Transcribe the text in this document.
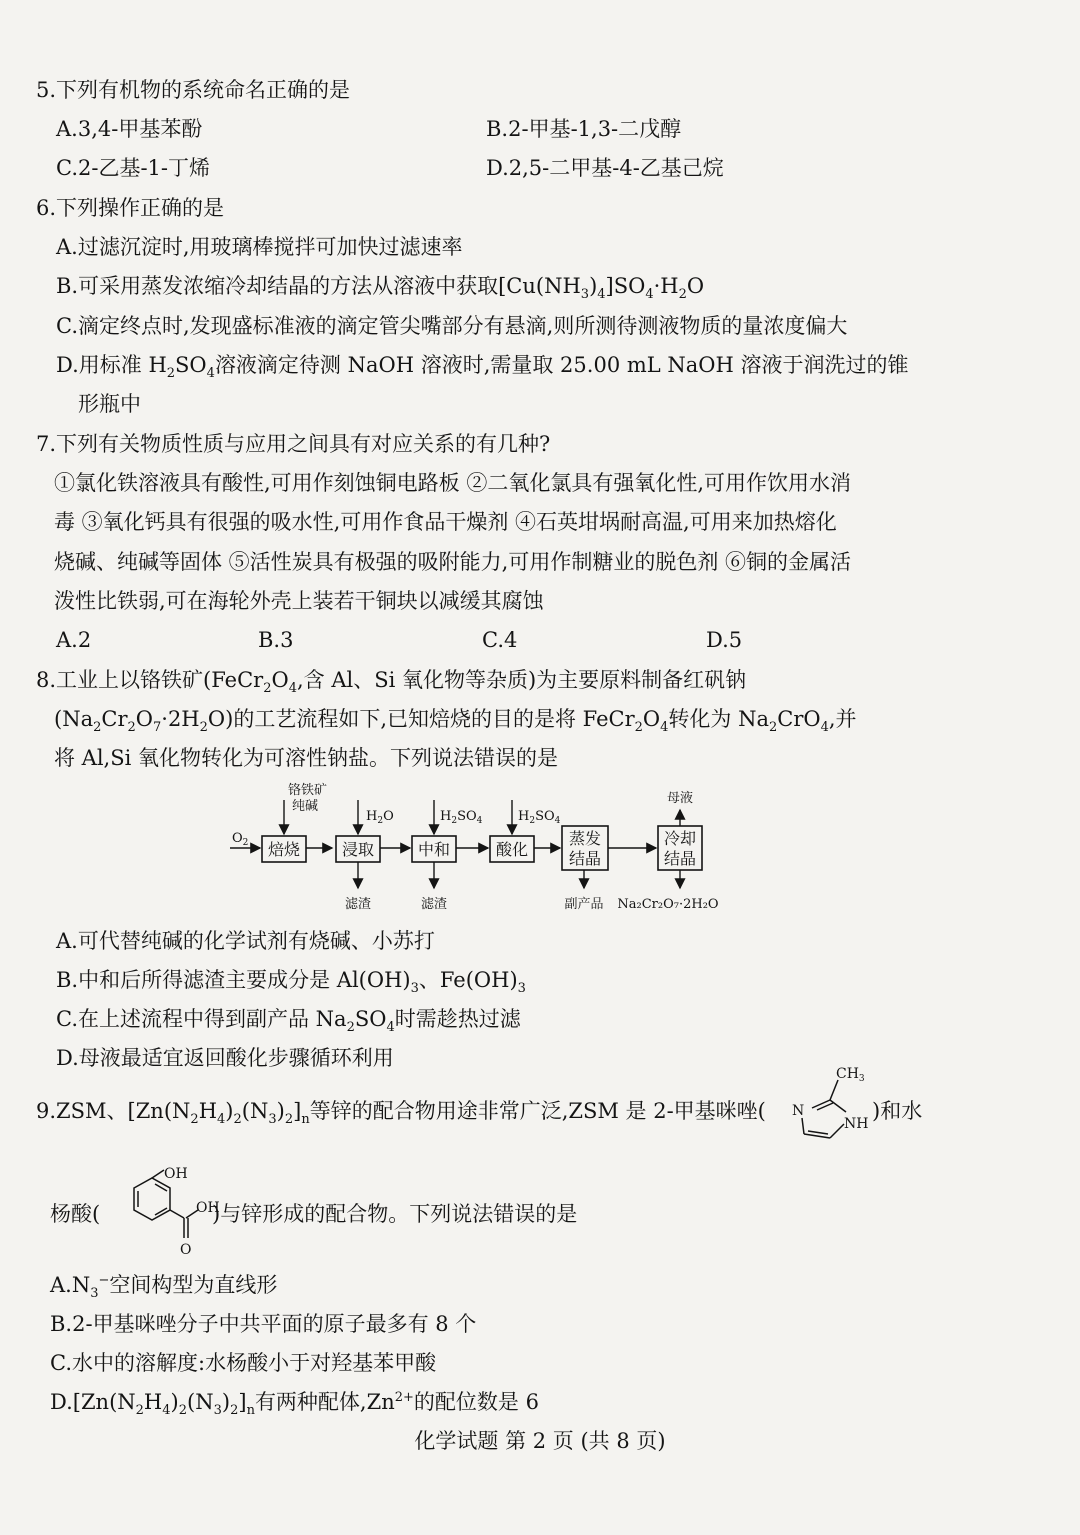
5.下列有机物的系统命名正确的是
A.3,4-甲基苯酚	B.2-甲基-1,3-二戊醇
C.2-乙基-1-丁烯	D.2,5-二甲基-4-乙基己烷
6.下列操作正确的是
A.过滤沉淀时,用玻璃棒搅拌可加快过滤速率
B.可采用蒸发浓缩冷却结晶的方法从溶液中获取$[Cu(NH_3)_4]SO_4\cdot H_2O$
C.滴定终点时,发现盛标准液的滴定管尖嘴部分有悬滴,则所测待测液物质的量浓度偏大
D.用标准 $H_2SO_4$溶液滴定待测 NaOH 溶液时,需量取 25.00 mL NaOH 溶液于润洗过的锥
形瓶中
7.下列有关物质性质与应用之间具有对应关系的有几种?
①氯化铁溶液具有酸性,可用作刻蚀铜电路板 ②二氧化氯具有强氧化性,可用作饮用水消
毒 ③氧化钙具有很强的吸水性,可用作食品干燥剂 ④石英坩埚耐高温,可用来加热熔化
烧碱、纯碱等固体 ⑤活性炭具有极强的吸附能力,可用作制糖业的脱色剂 ⑥铜的金属活
泼性比铁弱,可在海轮外壳上装若干铜块以减缓其腐蚀
A.2	B.3	C.4	D.5
8.工业上以铬铁矿($FeCr_2O_4$,含 Al、Si 氧化物等杂质)为主要原料制备红矾钠
$(Na_2Cr_2O_7\cdot 2H_2O)$的工艺流程如下,已知焙烧的目的是将 $FeCr_2O_4$转化为 $Na_2CrO_4$,并
将 Al,Si 氧化物转化为可溶性钠盐。下列说法错误的是
焙烧	浸取	中和	酸化
蒸发
结晶
冷却
结晶
$O_2$
铬铁矿
纯碱
$H_2O$	$H_2SO_4$	$H_2SO_4$
滤渣	滤渣	副产品
母液
Na₂Cr₂O₇·2H₂O
A.可代替纯碱的化学试剂有烧碱、小苏打
B.中和后所得滤渣主要成分是 $Al(OH)_3$、$Fe(OH)_3$
C.在上述流程中得到副产品 $Na_2SO_4$时需趁热过滤
D.母液最适宜返回酸化步骤循环利用
9.ZSM、$[Zn(N_2H_4)_2(N_3)_2]_n$等锌的配合物用途非常广泛,ZSM 是 2-甲基咪唑(	)和水
$CH_3$
N
NH
杨酸(
OH
OH
O
)与锌形成的配合物。下列说法错误的是
$A.N_3^-$空间构型为直线形
B.2-甲基咪唑分子中共平面的原子最多有 8 个
C.水中的溶解度:水杨酸小于对羟基苯甲酸
$D.[Zn(N_2H_4)_2(N_3)_2]_n$有两种配体$,Zn^{2+}$的配位数是 6
化学试题 第 2 页 (共 8 页)
